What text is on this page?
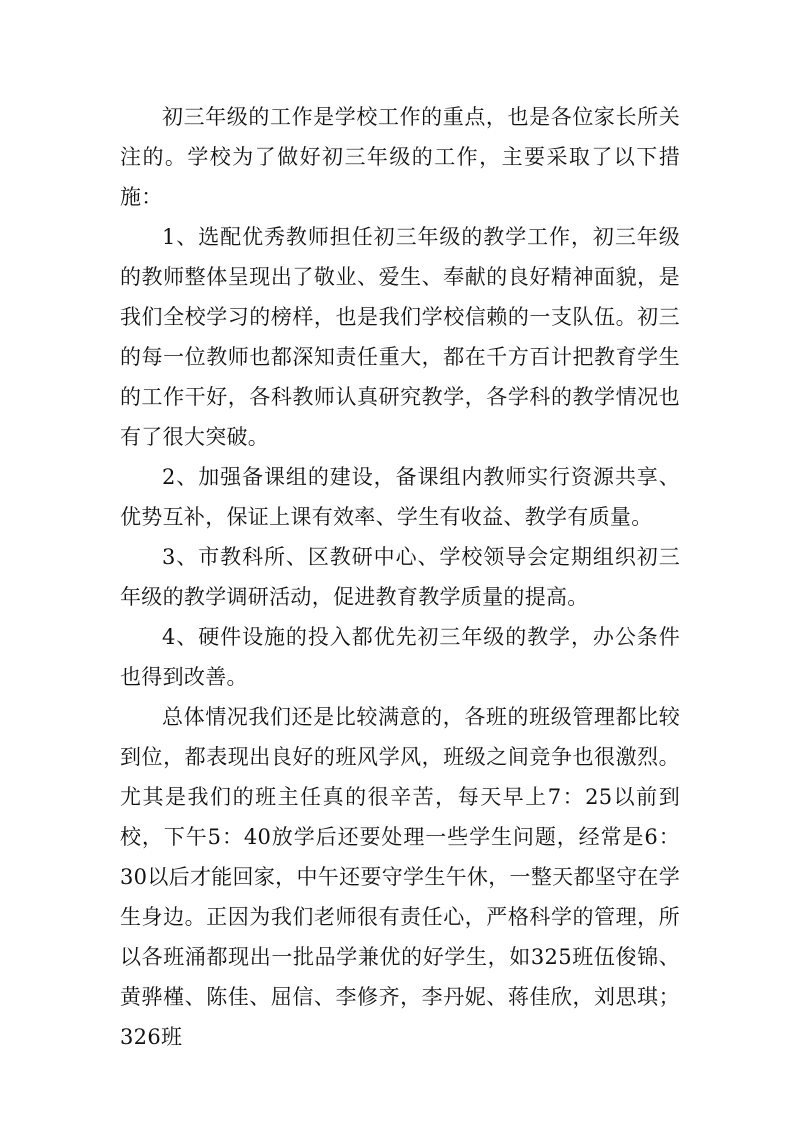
初三年级的工作是学校工作的重点，也是各位家长所关注的。学校为了做好初三年级的工作，主要采取了以下措施：

1、选配优秀教师担任初三年级的教学工作，初三年级的教师整体呈现出了敬业、爱生、奉献的良好精神面貌，是我们全校学习的榜样，也是我们学校信赖的一支队伍。初三的每一位教师也都深知责任重大，都在千方百计把教育学生的工作干好，各科教师认真研究教学，各学科的教学情况也有了很大突破。

2、加强备课组的建设，备课组内教师实行资源共享、优势互补，保证上课有效率、学生有收益、教学有质量。

3、市教科所、区教研中心、学校领导会定期组织初三年级的教学调研活动，促进教育教学质量的提高。

4、硬件设施的投入都优先初三年级的教学，办公条件也得到改善。

总体情况我们还是比较满意的，各班的班级管理都比较到位，都表现出良好的班风学风，班级之间竞争也很激烈。尤其是我们的班主任真的很辛苦，每天早上7：25以前到校，下午5：40放学后还要处理一些学生问题，经常是6：30以后才能回家，中午还要守学生午休，一整天都坚守在学生身边。正因为我们老师很有责任心，严格科学的管理，所以各班涌都现出一批品学兼优的好学生，如325班伍俊锦、黄骅槿、陈佳、屈信、李修齐，李丹妮、蒋佳欣，刘思琪；326班
